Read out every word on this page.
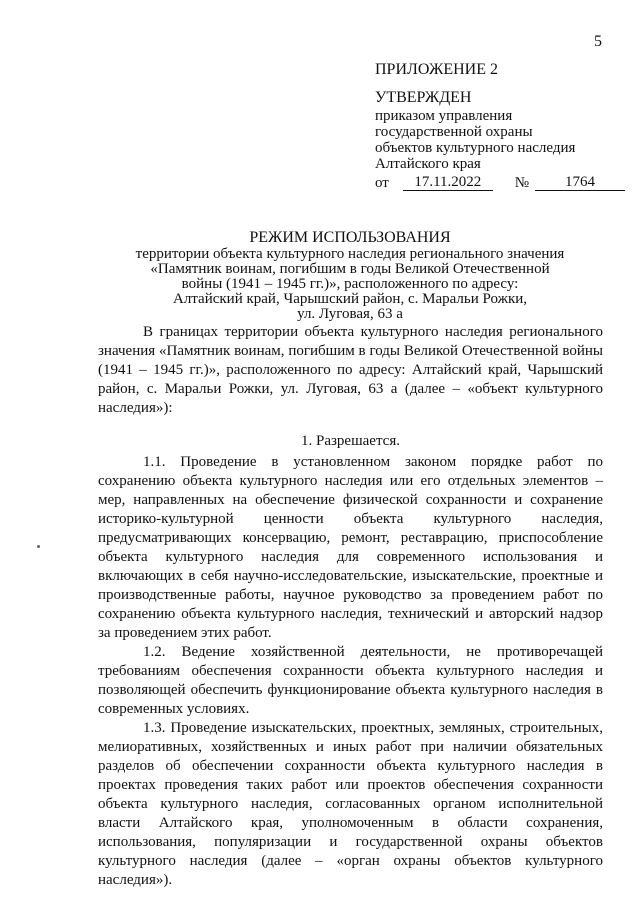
5
ПРИЛОЖЕНИЕ 2
УТВЕРЖДЕН
приказом управления
государственной охраны
объектов культурного наследия
Алтайского края
от	17.11.2022	№	1764
РЕЖИМ ИСПОЛЬЗОВАНИЯ
территории объекта культурного наследия регионального значения
«Памятник воинам, погибшим в годы Великой Отечественной
войны (1941 – 1945 гг.)», расположенного по адресу:
Алтайский край, Чарышский район, с. Маральи Рожки,
ул. Луговая, 63 а

В границах территории объекта культурного наследия регионального значения «Памятник воинам, погибшим в годы Великой Отечественной войны (1941 – 1945 гг.)», расположенного по адресу: Алтайский край, Чарышский район, с. Маральи Рожки, ул. Луговая, 63 а (далее – «объект культурного наследия»):

1. Разрешается.

1.1. Проведение в установленном законом порядке работ по сохранению объекта культурного наследия или его отдельных элементов – мер, направленных на обеспечение физической сохранности и сохранение историко-культурной ценности объекта культурного наследия, предусматривающих консервацию, ремонт, реставрацию, приспособление объекта культурного наследия для современного использования и включающих в себя научно-исследовательские, изыскательские, проектные и производственные работы, научное руководство за проведением работ по сохранению объекта культурного наследия, технический и авторский надзор за проведением этих работ.

1.2. Ведение хозяйственной деятельности, не противоречащей требованиям обеспечения сохранности объекта культурного наследия и позволяющей обеспечить функционирование объекта культурного наследия в современных условиях.

1.3. Проведение изыскательских, проектных, земляных, строительных, мелиоративных, хозяйственных и иных работ при наличии обязательных разделов об обеспечении сохранности объекта культурного наследия в проектах проведения таких работ или проектов обеспечения сохранности объекта культурного наследия, согласованных органом исполнительной власти Алтайского края, уполномоченным в области сохранения, использования, популяризации и государственной охраны объектов культурного наследия (далее – «орган охраны объектов культурного наследия»).
